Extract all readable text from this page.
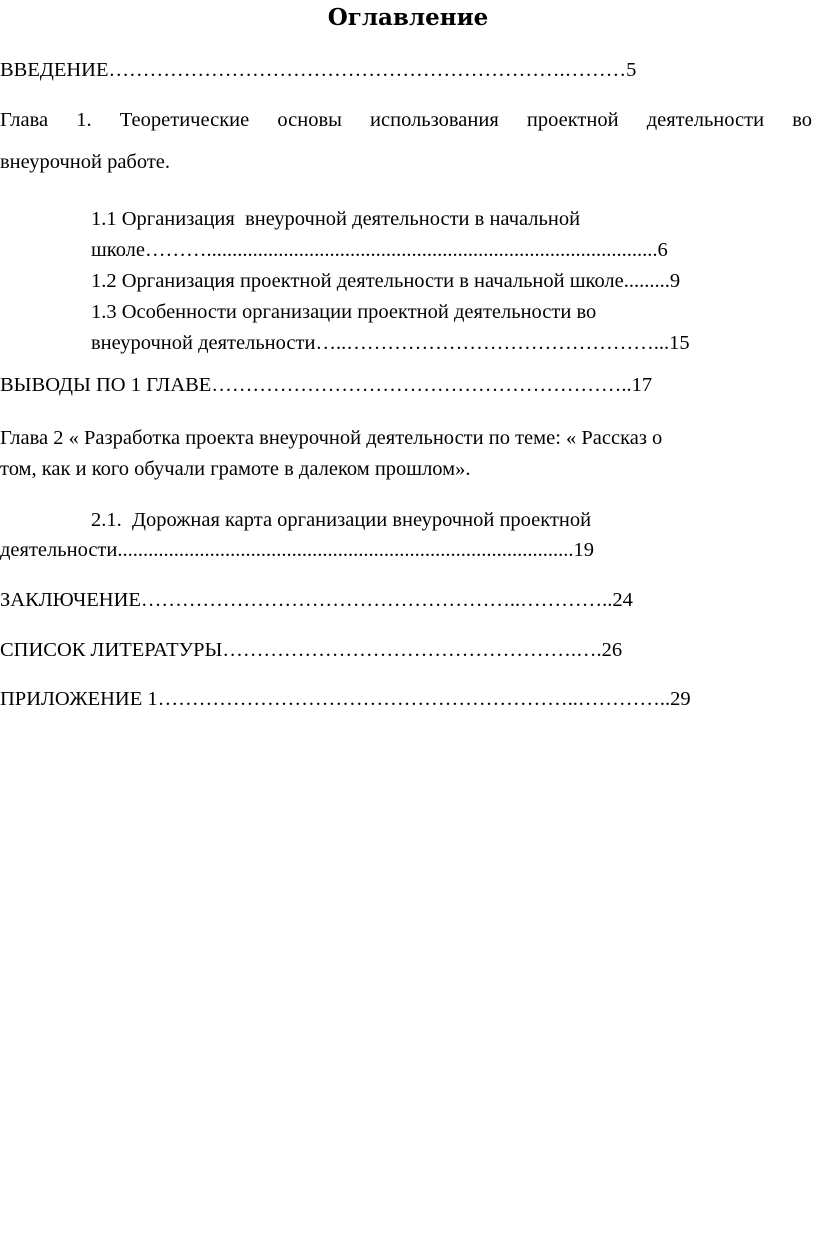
Оглавление
ВВЕДЕНИЕ………………………………………………………….………5
Глава 1. Теоретические основы использования проектной деятельности во
внеурочной работе.
1.1 Организация  внеурочной деятельности в начальной
школе………........................................................................................6
1.2 Организация проектной деятельности в начальной школе.........9
1.3 Особенности организации проектной деятельности во
внеурочной деятельности…..………………………………………...15
ВЫВОДЫ ПО 1 ГЛАВЕ……………………………………………………..17
Глава 2 « Разработка проекта внеурочной деятельности по теме: « Рассказ о
том, как и кого обучали грамоте в далеком прошлом».
2.1.  Дорожная карта организации внеурочной проектной
деятельности.........................................................................................19
ЗАКЛЮЧЕНИЕ………………………………………………..…………..24
СПИСОК ЛИТЕРАТУРЫ…………………………………………….….26
ПРИЛОЖЕНИЕ 1……………………………………………………..…………..29
